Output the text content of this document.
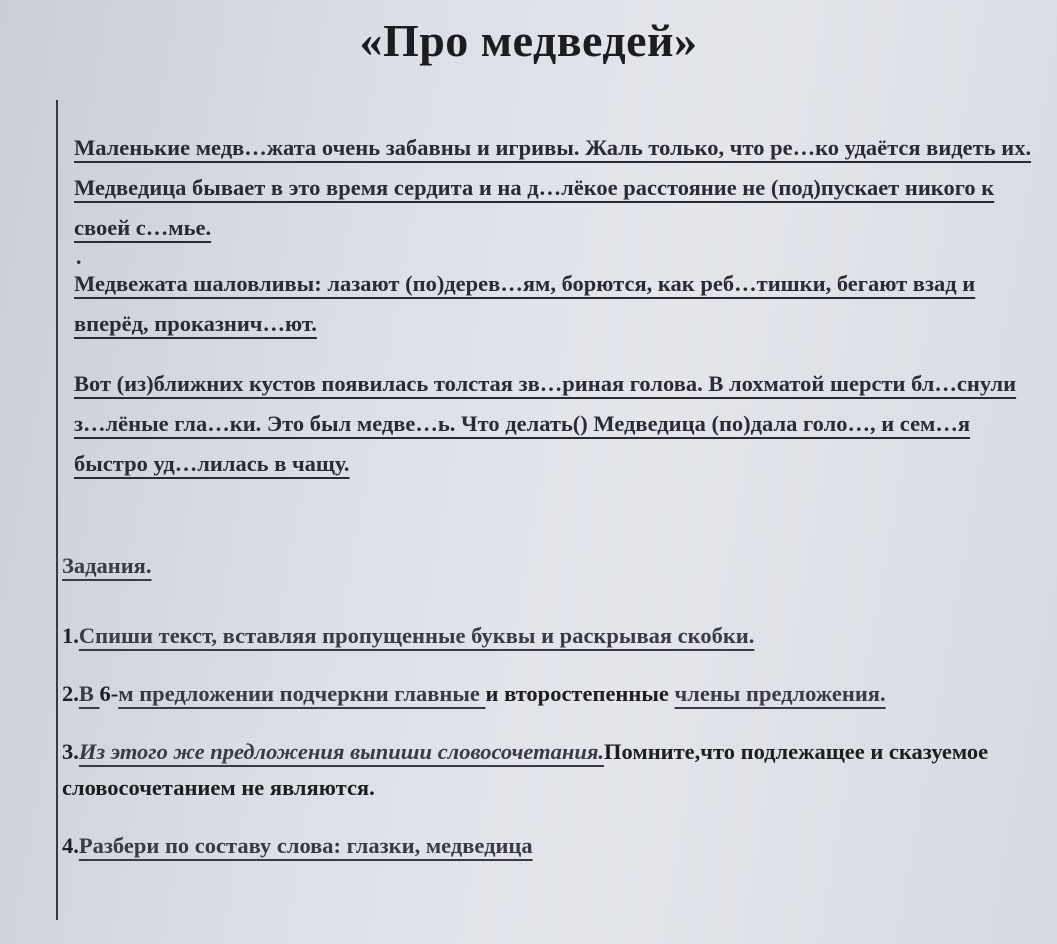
«Про медведей»

Маленькие медв…жата очень забавны и игривы. Жаль только, что ре…ко удаётся видеть их. Медведица бывает в это время сердита и на д…лёкое расстояние не (под)пускает никого к своей с…мье.

.

Медвежата шаловливы: лазают (по)дерев…ям, борются, как реб…тишки, бегают взад и вперёд, проказнич…ют.

Вот (из)ближних кустов появилась толстая зв…риная голова. В лохматой шерсти бл…снули з…лёные гла…ки. Это был медве…ь. Что делать() Медведица (по)дала голо…, и сем…я быстро уд…лилась в чащу.

Задания.
1.Спиши текст, вставляя пропущенные буквы и раскрывая скобки.
2.В 6-м предложении подчеркни главные и второстепенные члены предложения.
3.Из этого же предложения выпиши словосочетания.Помните,что подлежащее и сказуемое словосочетанием не являются.
4.Разбери по составу слова: глазки, медведица
